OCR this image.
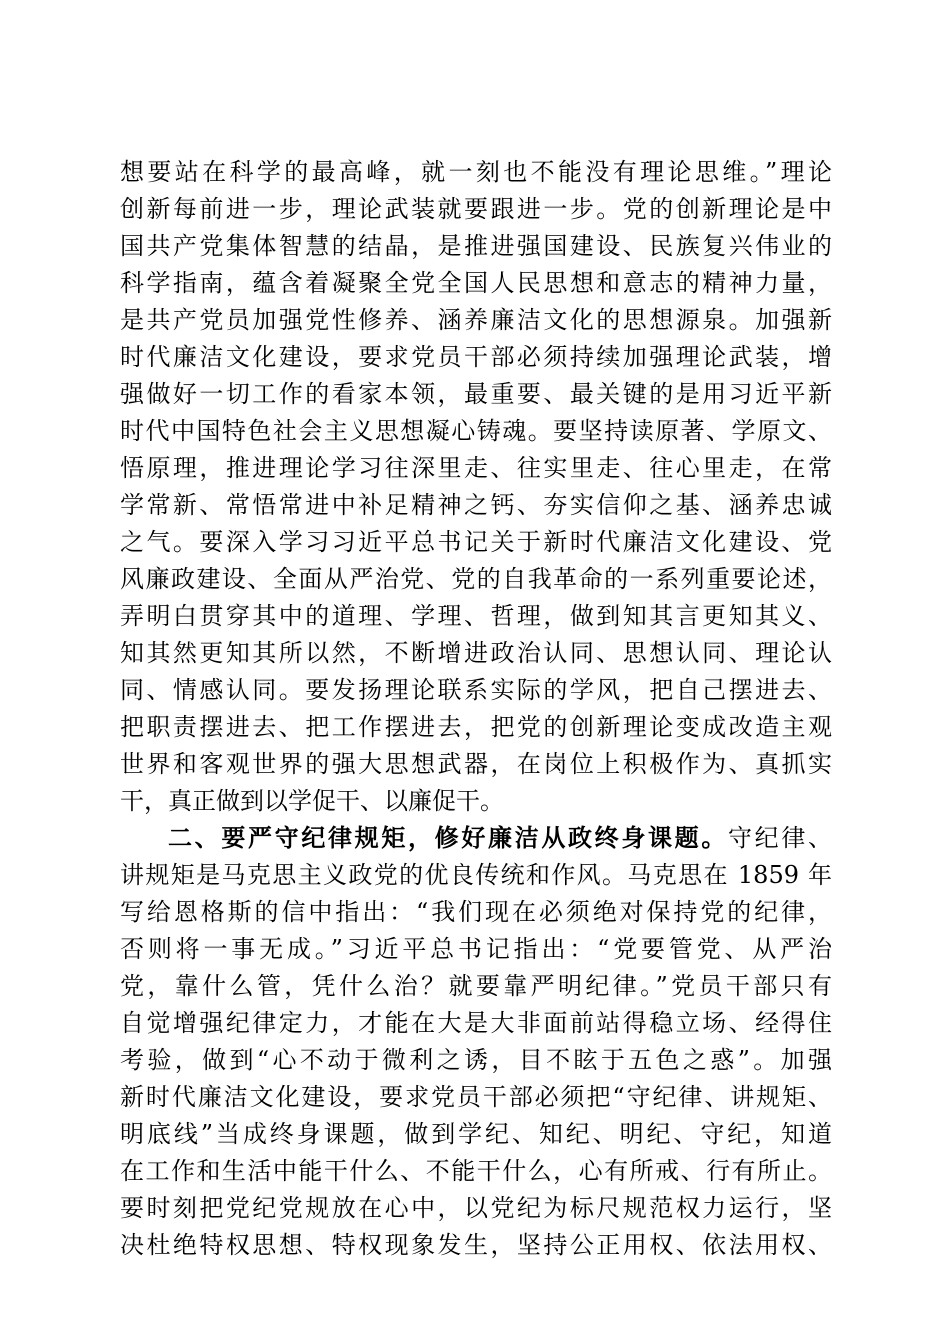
想要站在科学的最高峰，就一刻也不能没有理论思维。”理论
创新每前进一步，理论武装就要跟进一步。党的创新理论是中
国共产党集体智慧的结晶，是推进强国建设、民族复兴伟业的
科学指南，蕴含着凝聚全党全国人民思想和意志的精神力量，
是共产党员加强党性修养、涵养廉洁文化的思想源泉。加强新
时代廉洁文化建设，要求党员干部必须持续加强理论武装，增
强做好一切工作的看家本领，最重要、最关键的是用习近平新
时代中国特色社会主义思想凝心铸魂。要坚持读原著、学原文、
悟原理，推进理论学习往深里走、往实里走、往心里走，在常
学常新、常悟常进中补足精神之钙、夯实信仰之基、涵养忠诚
之气。要深入学习习近平总书记关于新时代廉洁文化建设、党
风廉政建设、全面从严治党、党的自我革命的一系列重要论述，
弄明白贯穿其中的道理、学理、哲理，做到知其言更知其义、
知其然更知其所以然，不断增进政治认同、思想认同、理论认
同、情感认同。要发扬理论联系实际的学风，把自己摆进去、
把职责摆进去、把工作摆进去，把党的创新理论变成改造主观
世界和客观世界的强大思想武器，在岗位上积极作为、真抓实
干，真正做到以学促干、以廉促干。
二、要严守纪律规矩，修好廉洁从政终身课题。守纪律、
讲规矩是马克思主义政党的优良传统和作风。马克思在 1859 年
写给恩格斯的信中指出：“我们现在必须绝对保持党的纪律，
否则将一事无成。”习近平总书记指出：“党要管党、从严治
党，靠什么管，凭什么治？就要靠严明纪律。”党员干部只有
自觉增强纪律定力，才能在大是大非面前站得稳立场、经得住
考验，做到“心不动于微利之诱，目不眩于五色之惑”。加强
新时代廉洁文化建设，要求党员干部必须把“守纪律、讲规矩、
明底线”当成终身课题，做到学纪、知纪、明纪、守纪，知道
在工作和生活中能干什么、不能干什么，心有所戒、行有所止。
要时刻把党纪党规放在心中，以党纪为标尺规范权力运行，坚
决杜绝特权思想、特权现象发生，坚持公正用权、依法用权、
